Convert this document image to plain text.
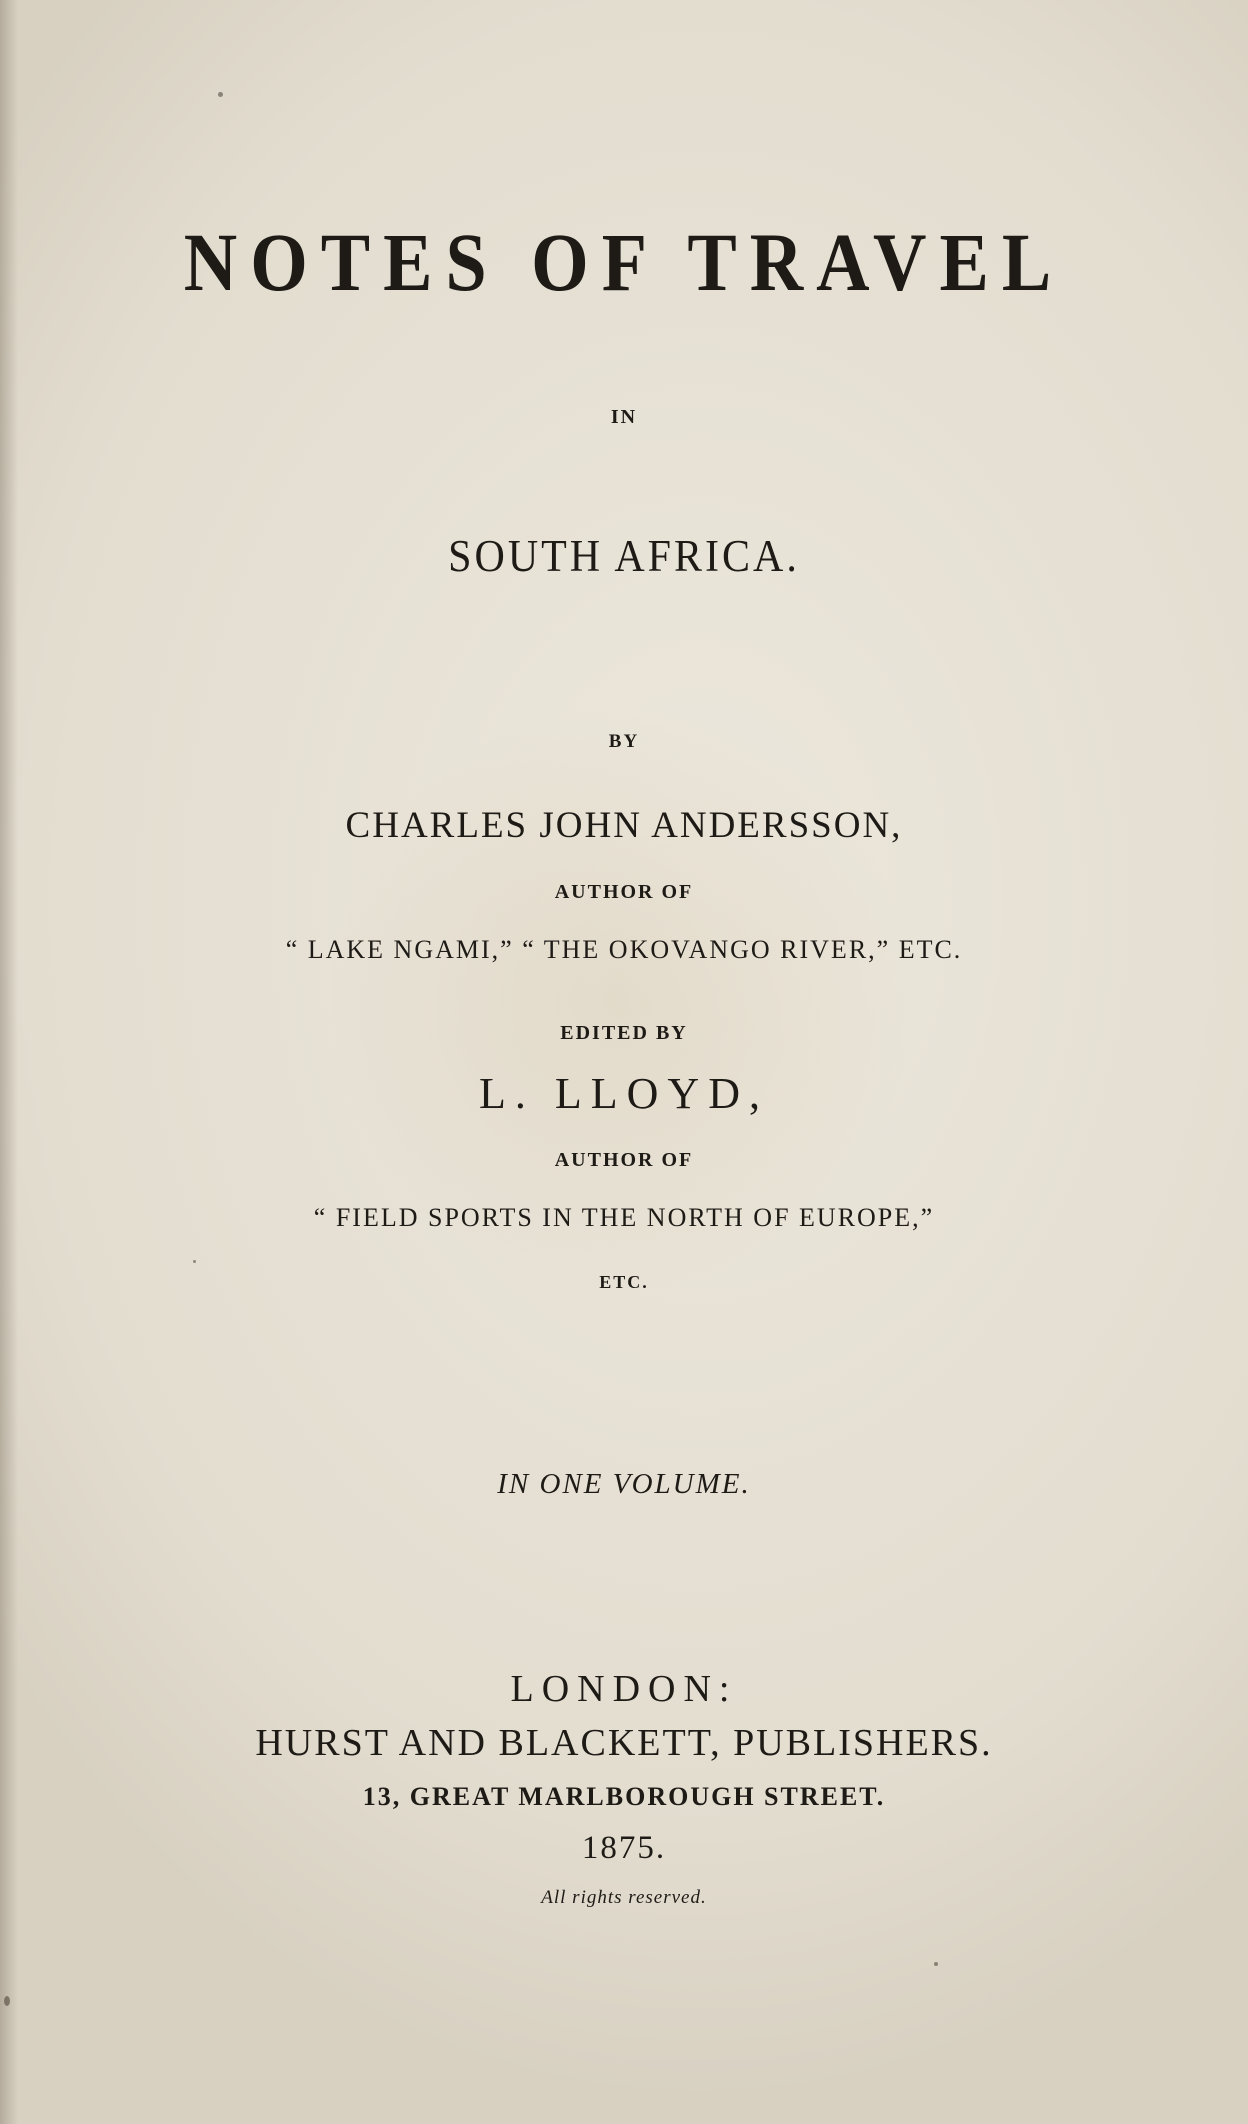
NOTES OF TRAVEL

IN

SOUTH AFRICA.

BY

CHARLES JOHN ANDERSSON,

AUTHOR OF

“ LAKE NGAMI,” “ THE OKOVANGO RIVER,” ETC.

EDITED BY

L. LLOYD,

AUTHOR OF

“ FIELD SPORTS IN THE NORTH OF EUROPE,”

ETC.

IN ONE VOLUME.

LONDON:

HURST AND BLACKETT, PUBLISHERS.

13, GREAT MARLBOROUGH STREET.

1875.

All rights reserved.
